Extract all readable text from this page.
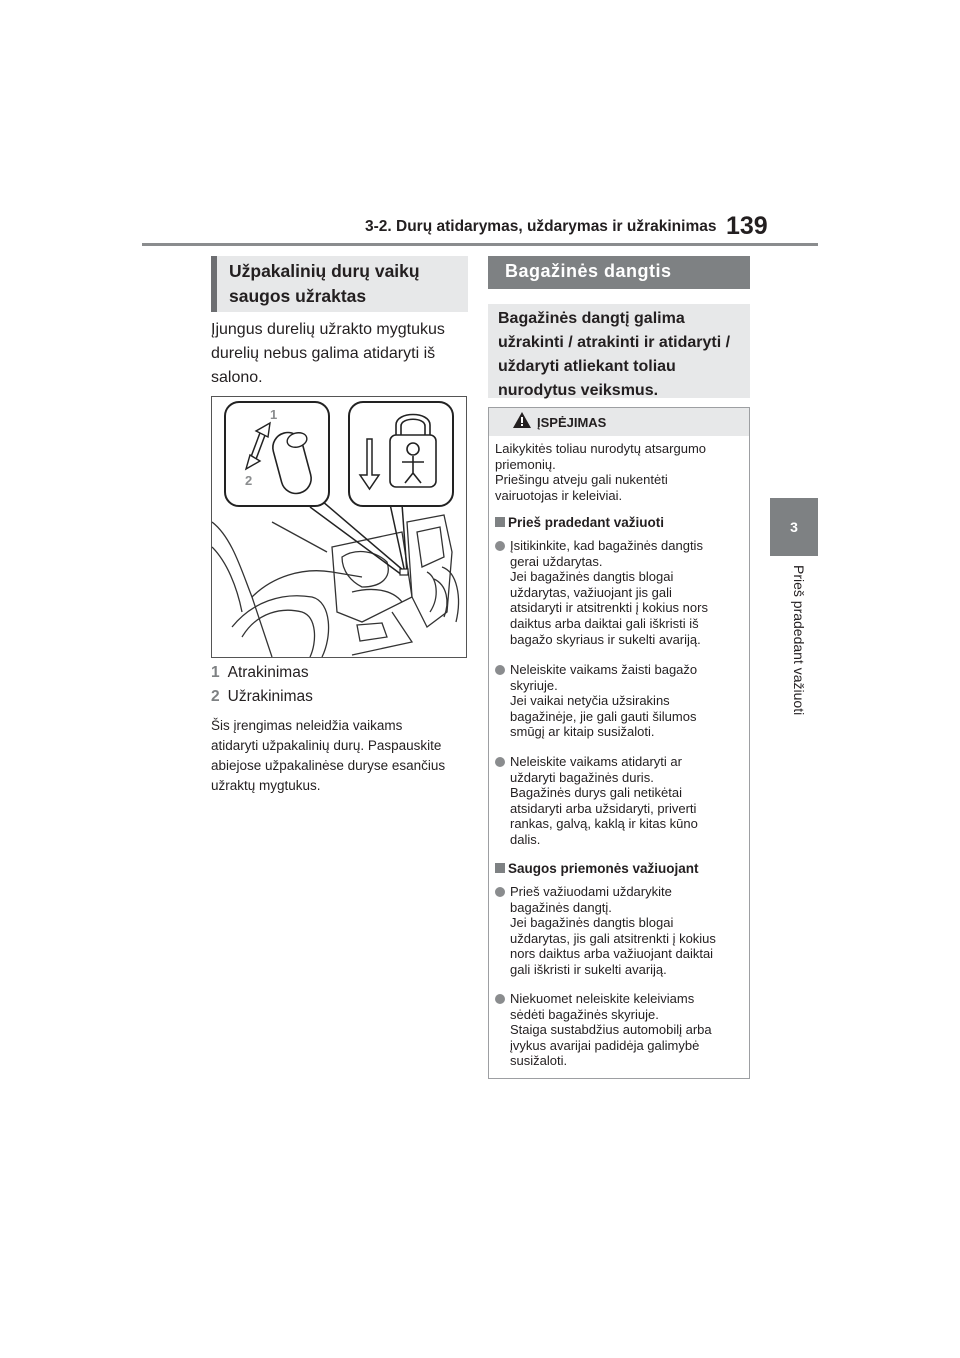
3-2. Durų atidarymas, uždarymas ir užrakinimas 139
3
Prieš pradedant važiuoti
Užpakalinių durų vaikų
saugos užraktas
Įjungus durelių užrakto mygtukus
durelių nebus galima atidaryti iš
salono.
1
2
1 Atrakinimas
2 Užrakinimas
Šis įrengimas neleidžia vaikams
atidaryti užpakalinių durų. Paspauskite
abiejose užpakalinėse duryse esančius
užraktų mygtukus.
Bagažinės dangtis
Bagažinės dangtį galima
užrakinti / atrakinti ir atidaryti /
uždaryti atliekant toliau
nurodytus veiksmus.
ĮSPĖJIMAS
Laikykitės toliau nurodytų atsargumo
priemonių.
Priešingu atveju gali nukentėti
vairuotojas ir keleiviai.
Prieš pradedant važiuoti
Įsitikinkite, kad bagažinės dangtis
gerai uždarytas.
Jei bagažinės dangtis blogai
uždarytas, važiuojant jis gali
atsidaryti ir atsitrenkti į kokius nors
daiktus arba daiktai gali iškristi iš
bagažo skyriaus ir sukelti avariją.
Neleiskite vaikams žaisti bagažo
skyriuje.
Jei vaikai netyčia užsirakins
bagažinėje, jie gali gauti šilumos
smūgį ar kitaip susižaloti.
Neleiskite vaikams atidaryti ar
uždaryti bagažinės duris.
Bagažinės durys gali netikėtai
atsidaryti arba užsidaryti, priverti
rankas, galvą, kaklą ir kitas kūno
dalis.
Saugos priemonės važiuojant
Prieš važiuodami uždarykite
bagažinės dangtį.
Jei bagažinės dangtis blogai
uždarytas, jis gali atsitrenkti į kokius
nors daiktus arba važiuojant daiktai
gali iškristi ir sukelti avariją.
Niekuomet neleiskite keleiviams
sėdėti bagažinės skyriuje.
Staiga sustabdžius automobilį arba
įvykus avarijai padidėja galimybė
susižaloti.
